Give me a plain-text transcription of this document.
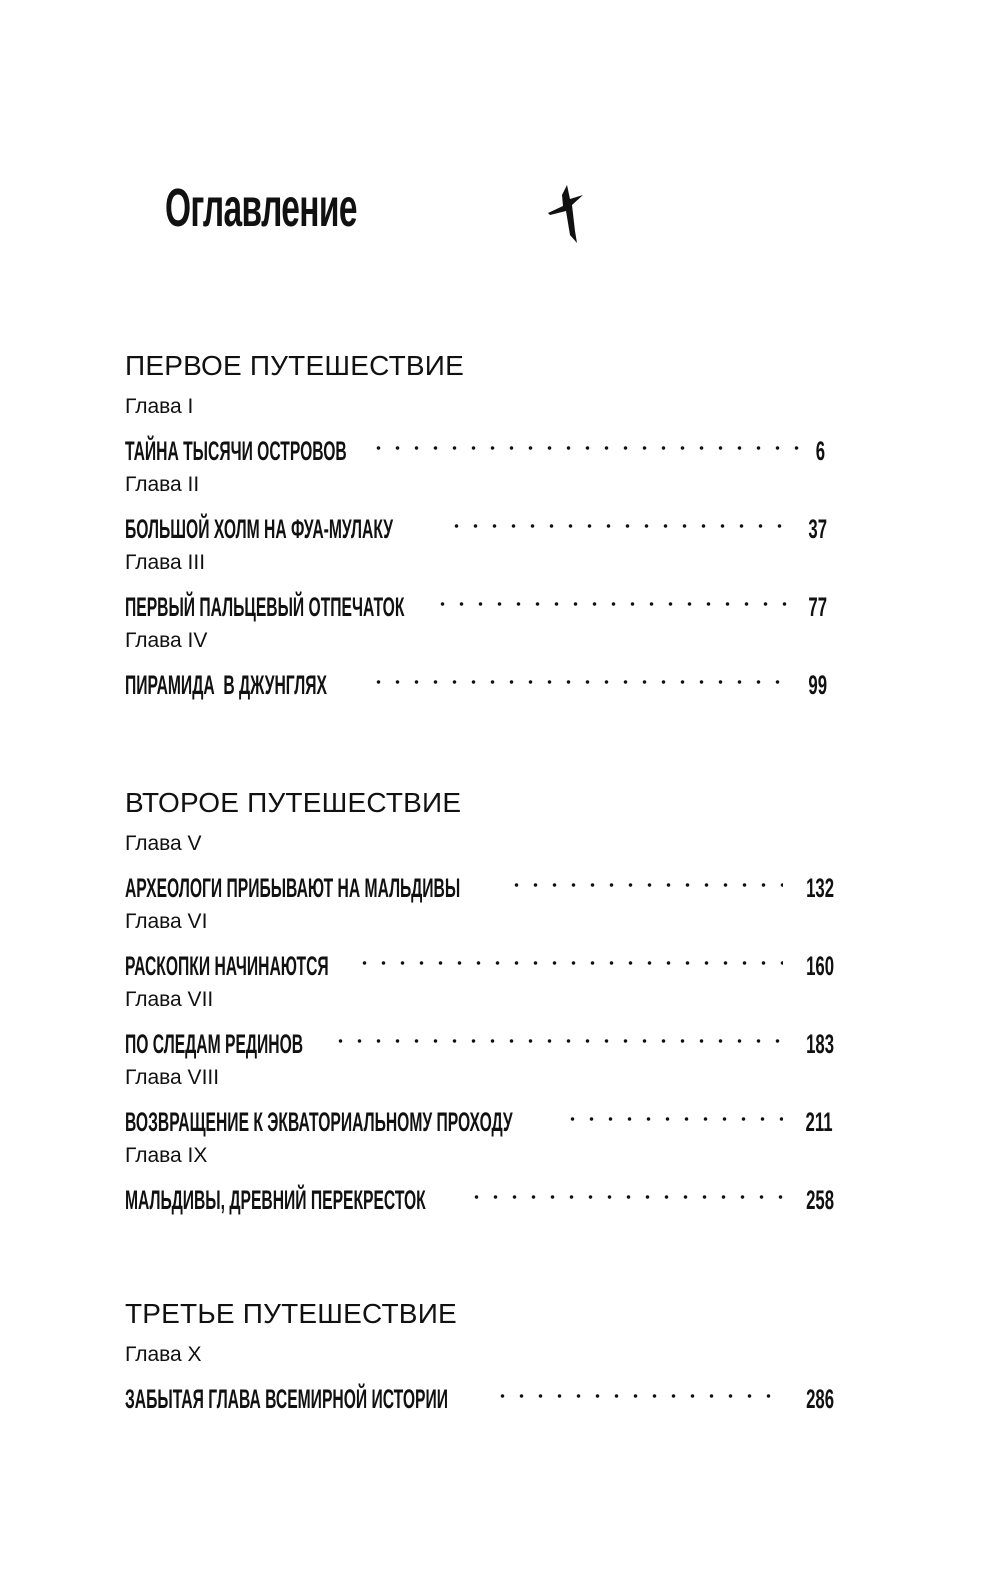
Оглавление
ПЕРВОЕ ПУТЕШЕСТВИЕ
Глава I
ТАЙНА ТЫСЯЧИ ОСТРОВОВ	6
Глава II
БОЛЬШОЙ ХОЛМ НА ФУА-МУЛАКУ	37
Глава III
ПЕРВЫЙ ПАЛЬЦЕВЫЙ ОТПЕЧАТОК	77
Глава IV
ПИРАМИДА  В ДЖУНГЛЯХ	99
ВТОРОЕ ПУТЕШЕСТВИЕ
Глава V
АРХЕОЛОГИ ПРИБЫВАЮТ НА МАЛЬДИВЫ	132
Глава VI
РАСКОПКИ НАЧИНАЮТСЯ	160
Глава VII
ПО СЛЕДАМ РЕДИНОВ	183
Глава VIII
ВОЗВРАЩЕНИЕ К ЭКВАТОРИАЛЬНОМУ ПРОХОДУ	211
Глава IX
МАЛЬДИВЫ, ДРЕВНИЙ ПЕРЕКРЕСТОК	258
ТРЕТЬЕ ПУТЕШЕСТВИЕ
Глава X
ЗАБЫТАЯ ГЛАВА ВСЕМИРНОЙ ИСТОРИИ	286
